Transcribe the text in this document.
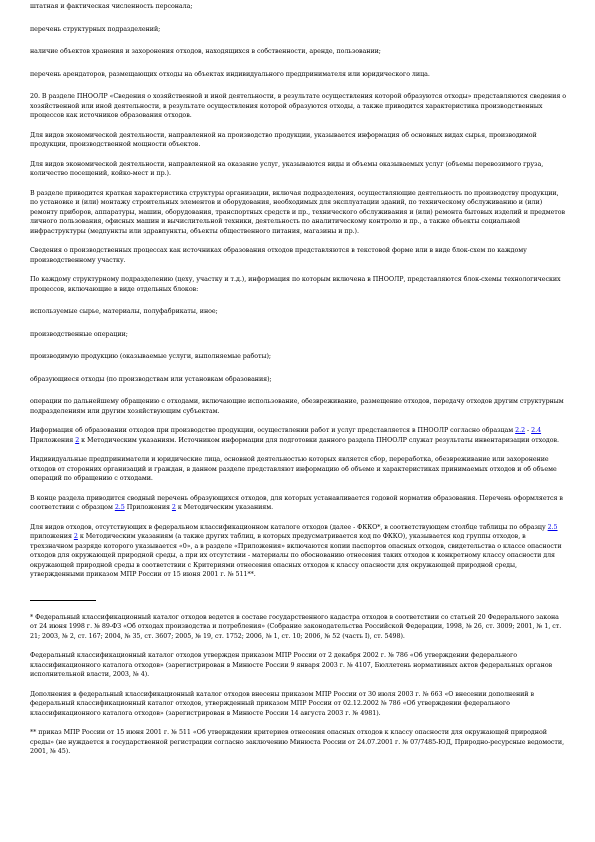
штатная и фактическая численность персонала;

перечень структурных подразделений;

наличие объектов хранения и захоронения отходов, находящихся в собственности, аренде, пользовании;

перечень арендаторов, размещающих отходы на объектах индивидуального предпринимателя или юридического лица.

20. В разделе ПНООЛР «Сведения о хозяйственной и иной деятельности, в результате осуществления которой образуются отходы» представляются сведения о хозяйственной или иной деятельности, в результате осуществления которой образуются отходы, а также приводится характеристика производственных процессов как источников образования отходов.

Для видов экономической деятельности, направленной на производство продукции, указывается информация об основных видах сырья, производимой продукции, производственной мощности объектов.

Для видов экономической деятельности, направленной на оказание услуг, указываются виды и объемы оказываемых услуг (объемы перевозимого груза, количество посещений, койко-мест и пр.).

В разделе приводится краткая характеристика структуры организации, включая подразделения, осуществляющие деятельность по производству продукции, по установке и (или) монтажу строительных элементов и оборудования, необходимых для эксплуатации зданий, по техническому обслуживанию и (или) ремонту приборов, аппаратуры, машин, оборудования, транспортных средств и пр., технического обслуживания и (или) ремонта бытовых изделий и предметов личного пользования, офисных машин и вычислительной техники, деятельность по аналитическому контролю и пр., а также объекты социальной инфраструктуры (медпункты или здравпункты, объекты общественного питания, магазины и пр.).

Сведения о производственных процессах как источниках образования отходов представляются в текстовой форме или в виде блок-схем по каждому производственному участку.

По каждому структурному подразделению (цеху, участку и т.д.), информация по которым включена в ПНООЛР, представляются блок-схемы технологических процессов, включающие в виде отдельных блоков:

используемые сырье, материалы, полуфабрикаты, иное;

производственные операции;

производимую продукцию (оказываемые услуги, выполняемые работы);

образующиеся отходы (по производствам или установкам образования);

операции по дальнейшему обращению с отходами, включающие использование, обезвреживание, размещение отходов, передачу отходов другим структурным подразделениям или другим хозяйствующим субъектам.

Информация об образовании отходов при производстве продукции, осуществлении работ и услуг представляется в ПНООЛР согласно образцам 2.2 - 2.4 Приложения 2 к Методическим указаниям. Источником информации для подготовки данного раздела ПНООЛР служат результаты инвентаризации отходов.

Индивидуальные предприниматели и юридические лица, основной деятельностью которых является сбор, переработка, обезвреживание или захоронение отходов от сторонних организаций и граждан, в данном разделе представляют информацию об объеме и характеристиках принимаемых отходов и об объеме операций по обращению с отходами.

В конце раздела приводится сводный перечень образующихся отходов, для которых устанавливается годовой норматив образования. Перечень оформляется в соответствии с образцом 2.5 Приложения 2 к Методическим указаниям.

Для видов отходов, отсутствующих в федеральном классификационном каталоге отходов (далее - ФККО*, в соответствующем столбце таблицы по образцу 2.5 приложения 2 к Методическим указаниям (а также других таблиц, в которых предусматривается код по ФККО), указывается код группы отходов, в трехзначном разряде которого указывается «0», а в разделе «Приложения» включаются копии паспортов опасных отходов, свидетельства о классе опасности отходов для окружающей природной среды, а при их отсутствии - материалы по обоснованию отнесения таких отходов к конкретному классу опасности для окружающей природной среды в соответствии с Критериями отнесения опасных отходов к классу опасности для окружающей природной среды, утвержденными приказом МПР России от 15 июня 2001 г. № 511**.

* Федеральный классификационный каталог отходов ведется в составе государственного кадастра отходов в соответствии со статьей 20 Федерального закона от 24 июня 1998 г. № 89-ФЗ «Об отходах производства и потребления» (Собрание законодательства Российской Федерации, 1998, № 26, ст. 3009; 2001, № 1, ст. 21; 2003, № 2, ст. 167; 2004, № 35, ст. 3607; 2005, № 19, ст. 1752; 2006, № 1, ст. 10; 2006, № 52 (часть I), ст. 5498).

Федеральный классификационный каталог отходов утвержден приказом МПР России от 2 декабря 2002 г. № 786 «Об утверждении федерального классификационного каталога отходов» (зарегистрирован в Минюсте России 9 января 2003 г. № 4107, Бюллетень нормативных актов федеральных органов исполнительной власти, 2003, № 4).

Дополнения в федеральный классификационный каталог отходов внесены приказом МПР России от 30 июля 2003 г. № 663 «О внесении дополнений в федеральный классификационный каталог отходов, утвержденный приказом МПР России от 02.12.2002 № 786 «Об утверждении федерального классификационного каталога отходов» (зарегистрирован в Минюсте России 14 августа 2003 г. № 4981).

** приказ МПР России от 15 июня 2001 г. № 511 «Об утверждении критериев отнесения опасных отходов к классу опасности для окружающей природной среды» (не нуждается в государственной регистрации согласно заключению Минюста России от 24.07.2001 г. № 07/7485-ЮД, Природно-ресурсные ведомости, 2001, № 45).
